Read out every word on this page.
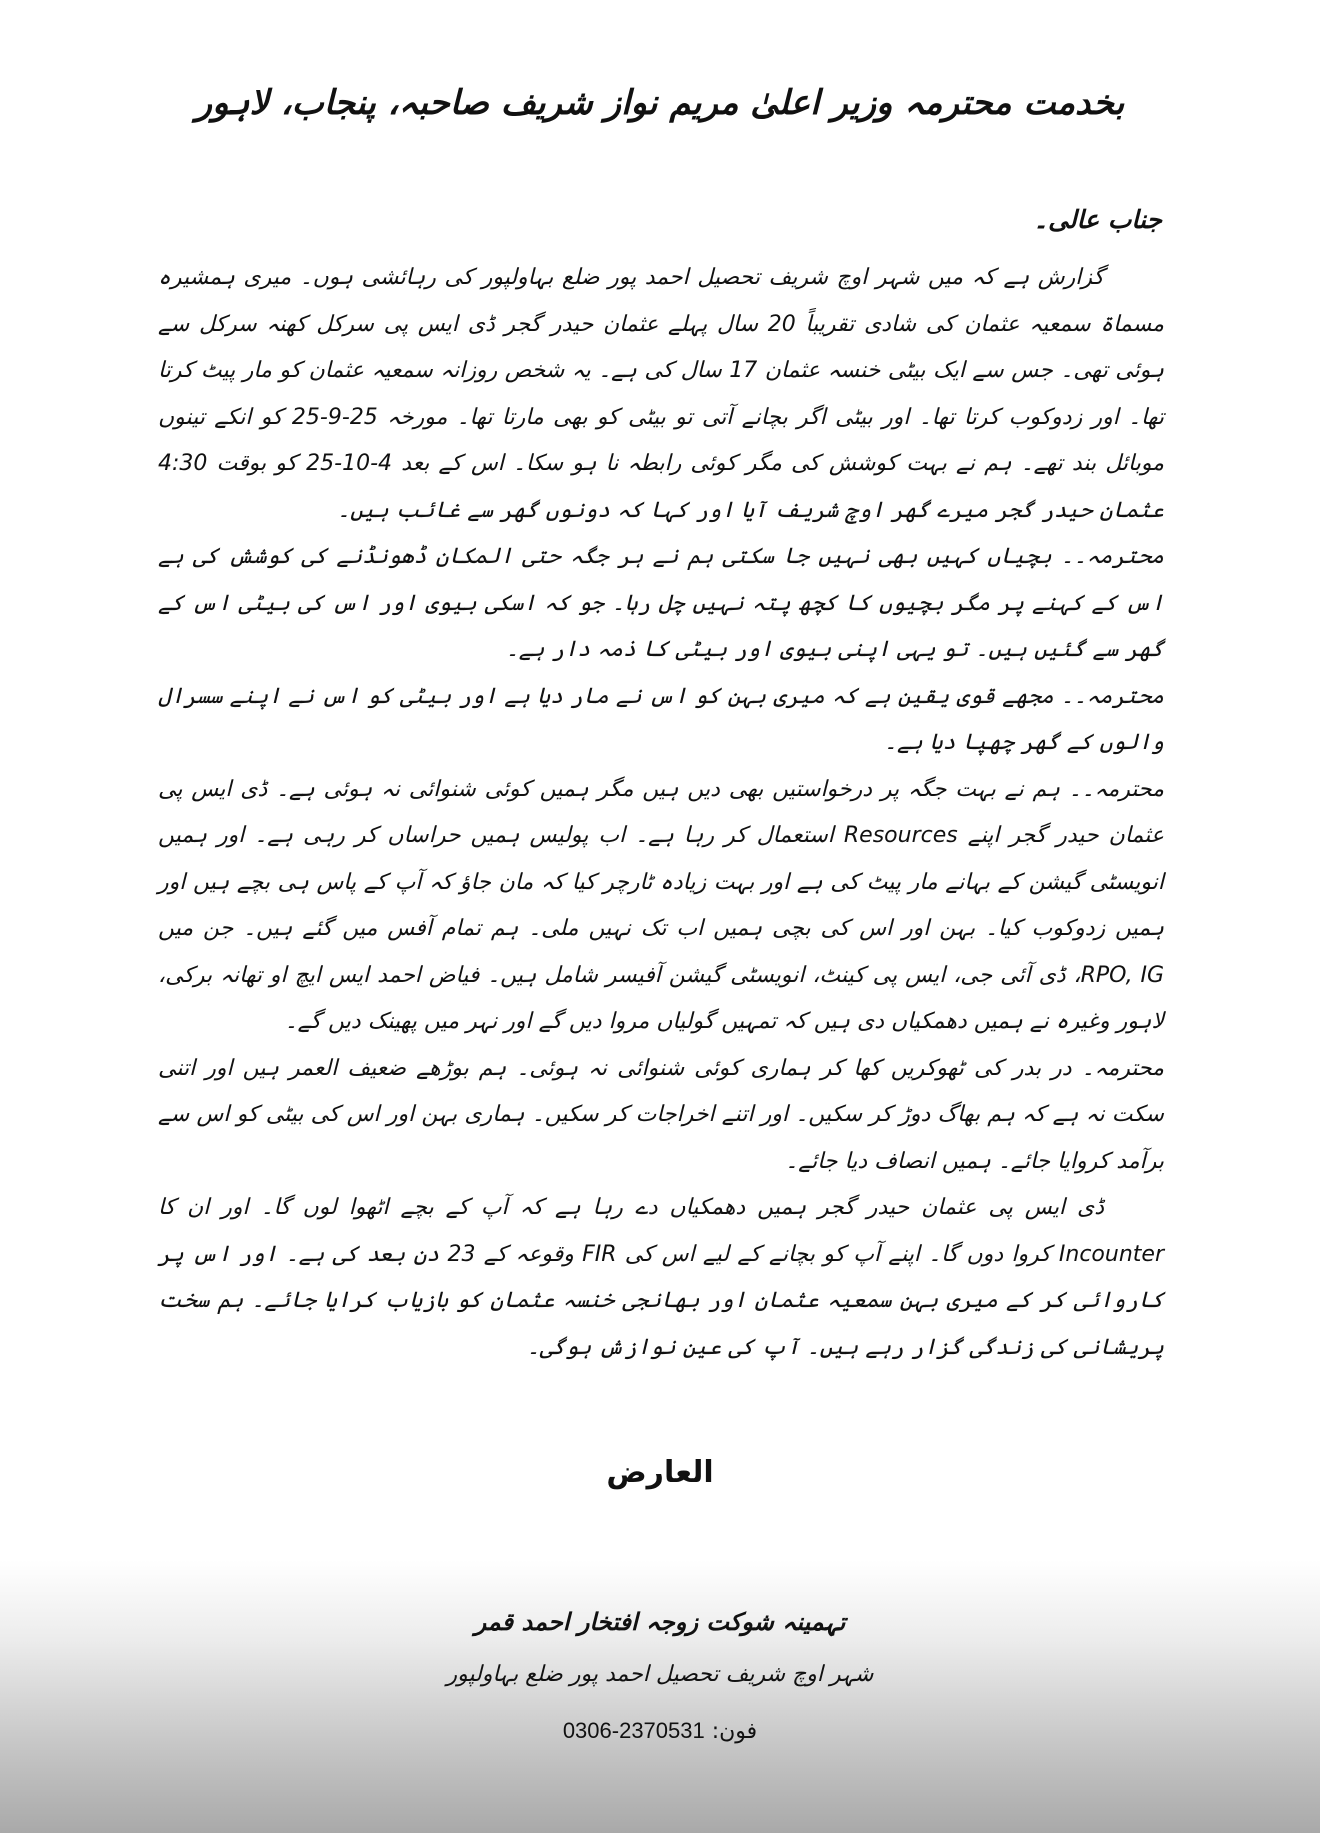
بخدمت محترمہ وزیر اعلیٰ مریم نواز شریف صاحبہ، پنجاب، لاہور
جناب عالی۔

گزارش ہے کہ میں شہر اوچ شریف تحصیل احمد پور ضلع بہاولپور کی رہائشی ہوں۔ میری ہمشیرہ مسماۃ سمعیہ عثمان کی شادی تقریباً 20 سال پہلے عثمان حیدر گجر ڈی ایس پی سرکل کھنہ سرکل سے ہوئی تھی۔ جس سے ایک بیٹی خنسہ عثمان 17 سال کی ہے۔ یہ شخص روزانہ سمعیہ عثمان کو مار پیٹ کرتا تھا۔ اور زدوکوب کرتا تھا۔ اور بیٹی اگر بچانے آتی تو بیٹی کو بھی مارتا تھا۔ مورخہ 25-9-25 کو انکے تینوں موبائل بند تھے۔ ہم نے بہت کوشش کی مگر کوئی رابطہ نا ہو سکا۔ اس کے بعد 4-10-25 کو بوقت 4:30 عثمان حیدر گجر میرے گھر اوچ شریف آیا اور کہا کہ دونوں گھر سے غائب ہیں۔

محترمہ۔۔ بچیاں کہیں بھی نہیں جا سکتی ہم نے ہر جگہ حتی المکان ڈھونڈنے کی کوشش کی ہے اس کے کہنے پر مگر بچیوں کا کچھ پتہ نہیں چل رہا۔ جو کہ اسکی بیوی اور اس کی بیٹی اس کے گھر سے گئیں ہیں۔ تو یہی اپنی بیوی اور بیٹی کا ذمہ دار ہے۔

محترمہ۔۔ مجھے قوی یقین ہے کہ میری بہن کو اس نے مار دیا ہے اور بیٹی کو اس نے اپنے سسرال والوں کے گھر چھپا دیا ہے۔

محترمہ۔۔ ہم نے بہت جگہ پر درخواستیں بھی دیں ہیں مگر ہمیں کوئی شنوائی نہ ہوئی ہے۔ ڈی ایس پی عثمان حیدر گجر اپنے Resources استعمال کر رہا ہے۔ اب پولیس ہمیں حراساں کر رہی ہے۔ اور ہمیں انویسٹی گیشن کے بہانے مار پیٹ کی ہے اور بہت زیادہ ٹارچر کیا کہ مان جاؤ کہ آپ کے پاس ہی بچے ہیں اور ہمیں زدوکوب کیا۔ بہن اور اس کی بچی ہمیں اب تک نہیں ملی۔ ہم تمام آفس میں گئے ہیں۔ جن میں RPO, IG، ڈی آئی جی، ایس پی کینٹ، انویسٹی گیشن آفیسر شامل ہیں۔ فیاض احمد ایس ایچ او تھانہ برکی، لاہور وغیرہ نے ہمیں دھمکیاں دی ہیں کہ تمہیں گولیاں مروا دیں گے اور نہر میں پھینک دیں گے۔

محترمہ۔ در بدر کی ٹھوکریں کھا کر ہماری کوئی شنوائی نہ ہوئی۔ ہم بوڑھے ضعیف العمر ہیں اور اتنی سکت نہ ہے کہ ہم بھاگ دوڑ کر سکیں۔ اور اتنے اخراجات کر سکیں۔ ہماری بہن اور اس کی بیٹی کو اس سے برآمد کروایا جائے۔ ہمیں انصاف دیا جائے۔

ڈی ایس پی عثمان حیدر گجر ہمیں دھمکیاں دے رہا ہے کہ آپ کے بچے اٹھوا لوں گا۔ اور ان کا Incounter کروا دوں گا۔ اپنے آپ کو بچانے کے لیے اس کی FIR وقوعہ کے 23 دن بعد کی ہے۔ اور اس پر کاروائی کر کے میری بہن سمعیہ عثمان اور بھانجی خنسہ عثمان کو بازیاب کرایا جائے۔ ہم سخت پریشانی کی زندگی گزار رہے ہیں۔ آپ کی عین نوازش ہوگی۔

العارض
تہمینہ شوکت زوجہ افتخار احمد قمر
شہر اوچ شریف تحصیل احمد پور ضلع بہاولپور
فون: 0306-2370531
